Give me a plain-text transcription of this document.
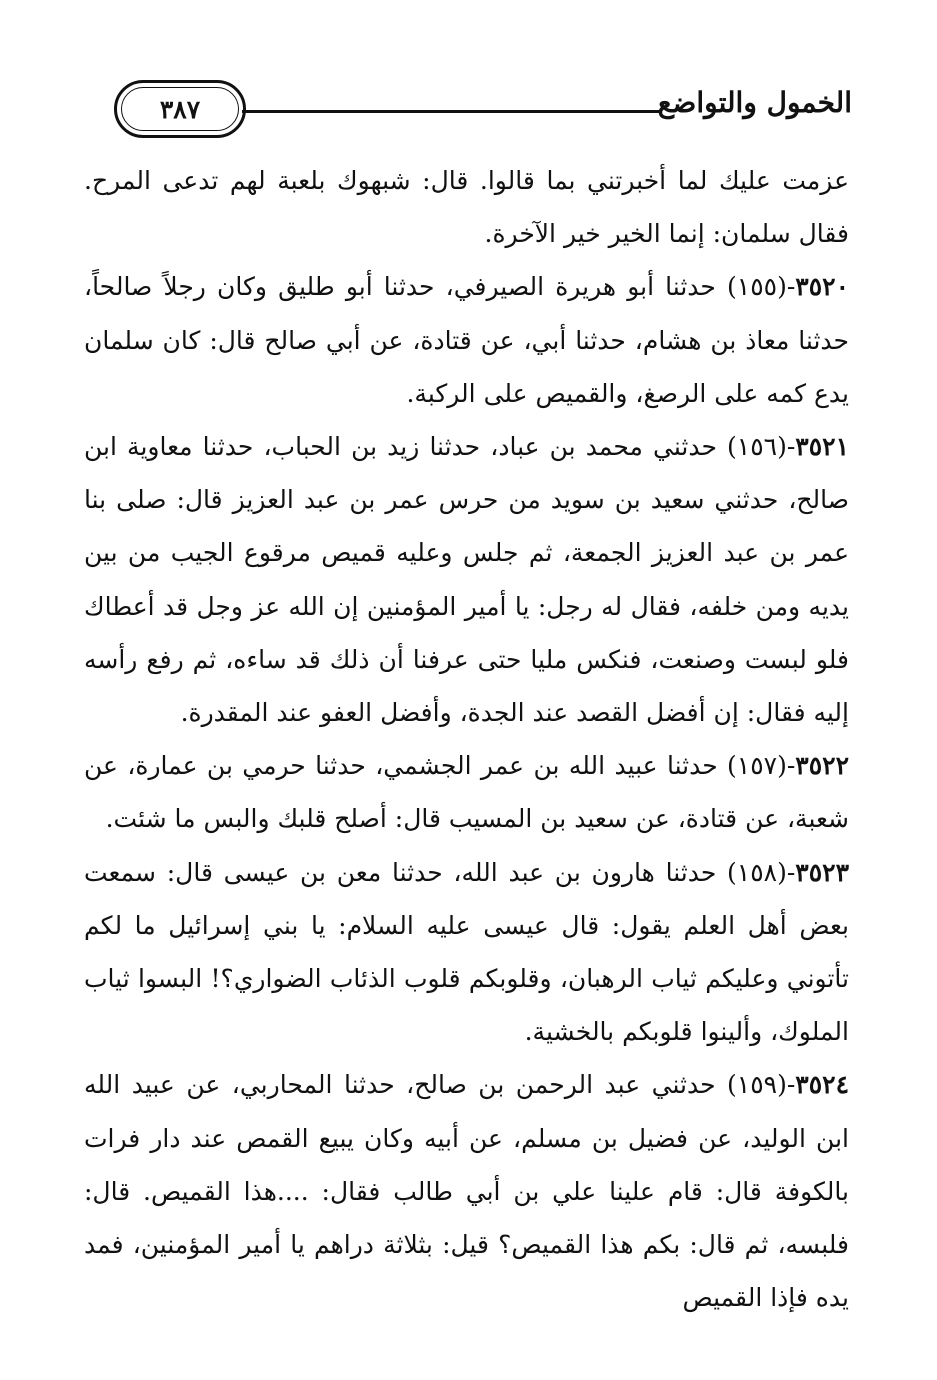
الخمول والتواضع
٣٨٧

عزمت عليك لما أخبرتني بما قالوا. قال: شبهوك بلعبة لهم تدعى المرح. فقال سلمان: إنما الخير خير الآخرة.

٣٥٢٠-(١٥٥) حدثنا أبو هريرة الصيرفي، حدثنا أبو طليق وكان رجلاً صالحاً، حدثنا معاذ بن هشام، حدثنا أبي، عن قتادة، عن أبي صالح قال: كان سلمان يدع كمه على الرصغ، والقميص على الركبة.

٣٥٢١-(١٥٦) حدثني محمد بن عباد، حدثنا زيد بن الحباب، حدثنا معاوية ابن صالح، حدثني سعيد بن سويد من حرس عمر بن عبد العزيز قال: صلى بنا عمر بن عبد العزيز الجمعة، ثم جلس وعليه قميص مرقوع الجيب من بين يديه ومن خلفه، فقال له رجل: يا أمير المؤمنين إن الله عز وجل قد أعطاك فلو لبست وصنعت، فنكس مليا حتى عرفنا أن ذلك قد ساءه، ثم رفع رأسه إليه فقال: إن أفضل القصد عند الجدة، وأفضل العفو عند المقدرة.

٣٥٢٢-(١٥٧) حدثنا عبيد الله بن عمر الجشمي، حدثنا حرمي بن عمارة، عن شعبة، عن قتادة، عن سعيد بن المسيب قال: أصلح قلبك والبس ما شئت.

٣٥٢٣-(١٥٨) حدثنا هارون بن عبد الله، حدثنا معن بن عيسى قال: سمعت بعض أهل العلم يقول: قال عيسى عليه السلام: يا بني إسرائيل ما لكم تأتوني وعليكم ثياب الرهبان، وقلوبكم قلوب الذئاب الضواري؟! البسوا ثياب الملوك، وألينوا قلوبكم بالخشية.

٣٥٢٤-(١٥٩) حدثني عبد الرحمن بن صالح، حدثنا المحاربي، عن عبيد الله ابن الوليد، عن فضيل بن مسلم، عن أبيه وكان يبيع القمص عند دار فرات بالكوفة قال: قام علينا علي بن أبي طالب فقال: ....هذا القميص. قال: فلبسه، ثم قال: بكم هذا القميص؟ قيل: بثلاثة دراهم يا أمير المؤمنين، فمد يده فإذا القميص
